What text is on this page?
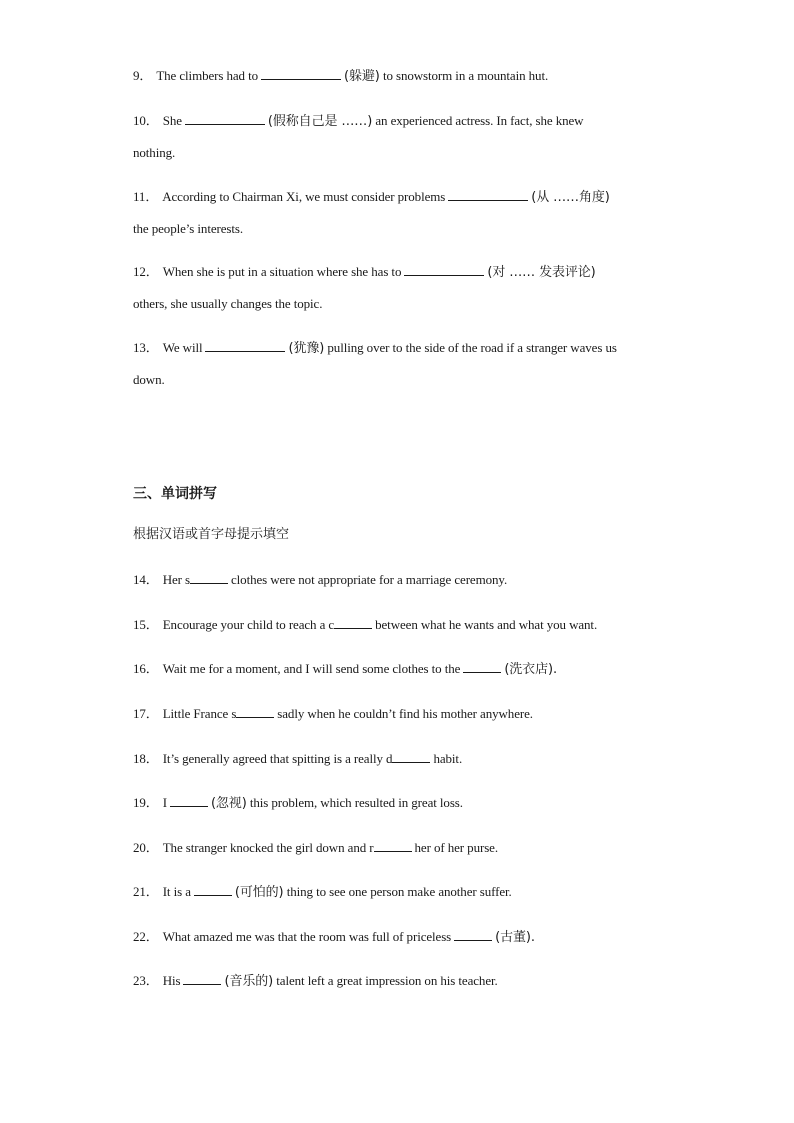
9． The climbers had to	(躲避) to snowstorm in a mountain hut.
10． She	(假称自己是 ……) an experienced actress. In fact, she knew
nothing.
11． According to Chairman Xi, we must consider problems	(从 ……角度)
the people’s interests.
12． When she is put in a situation where she has to	(对 …… 发表评论)
others, she usually changes the topic.
13． We will	(犹豫) pulling over to the side of the road if a stranger waves us
down.
三、单词拼写
根据汉语或首字母提示填空
14． Her s	clothes were not appropriate for a marriage ceremony.
15． Encourage your child to reach a c	between what he wants and what you want.
16． Wait me for a moment, and I will send some clothes to the	(洗衣店).
17． Little France s	sadly when he couldn’t find his mother anywhere.
18． It’s generally agreed that spitting is a really d	habit.
19． I	(忽视) this problem, which resulted in great loss.
20． The stranger knocked the girl down and r	her of her purse.
21． It is a	(可怕的) thing to see one person make another suffer.
22． What amazed me was that the room was full of priceless	(古董).
23． His	(音乐的) talent left a great impression on his teacher.
